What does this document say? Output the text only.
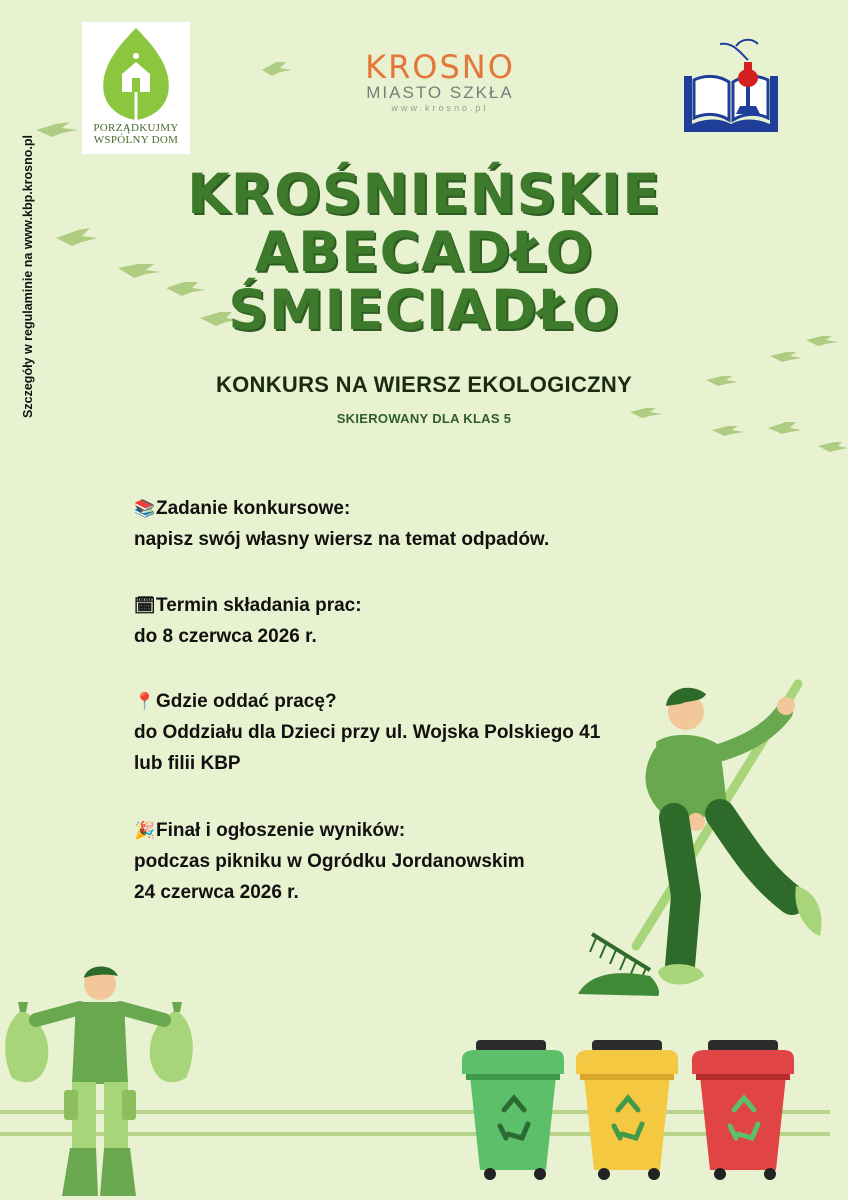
PORZĄDKUJMY
WSPÓLNY DOM
KROSNO
MIASTO SZKŁA
www.krosno.pl
Szczegóły w regulaminie na www.kbp.krosno.pl	KROŚNIEŃSKIE
ABECADŁO
ŚMIECIADŁO
KONKURS NA WIERSZ EKOLOGICZNY
SKIEROWANY DLA KLAS 5
📚Zadanie konkursowe:
napisz swój własny wiersz na temat odpadów.
🗓Termin składania prac:
do 8 czerwca 2026 r.
📍Gdzie oddać pracę?
do Oddziału dla Dzieci przy ul. Wojska Polskiego 41
lub filii KBP
🎉Finał i ogłoszenie wyników:
podczas pikniku w Ogródku Jordanowskim
24 czerwca 2026 r.
